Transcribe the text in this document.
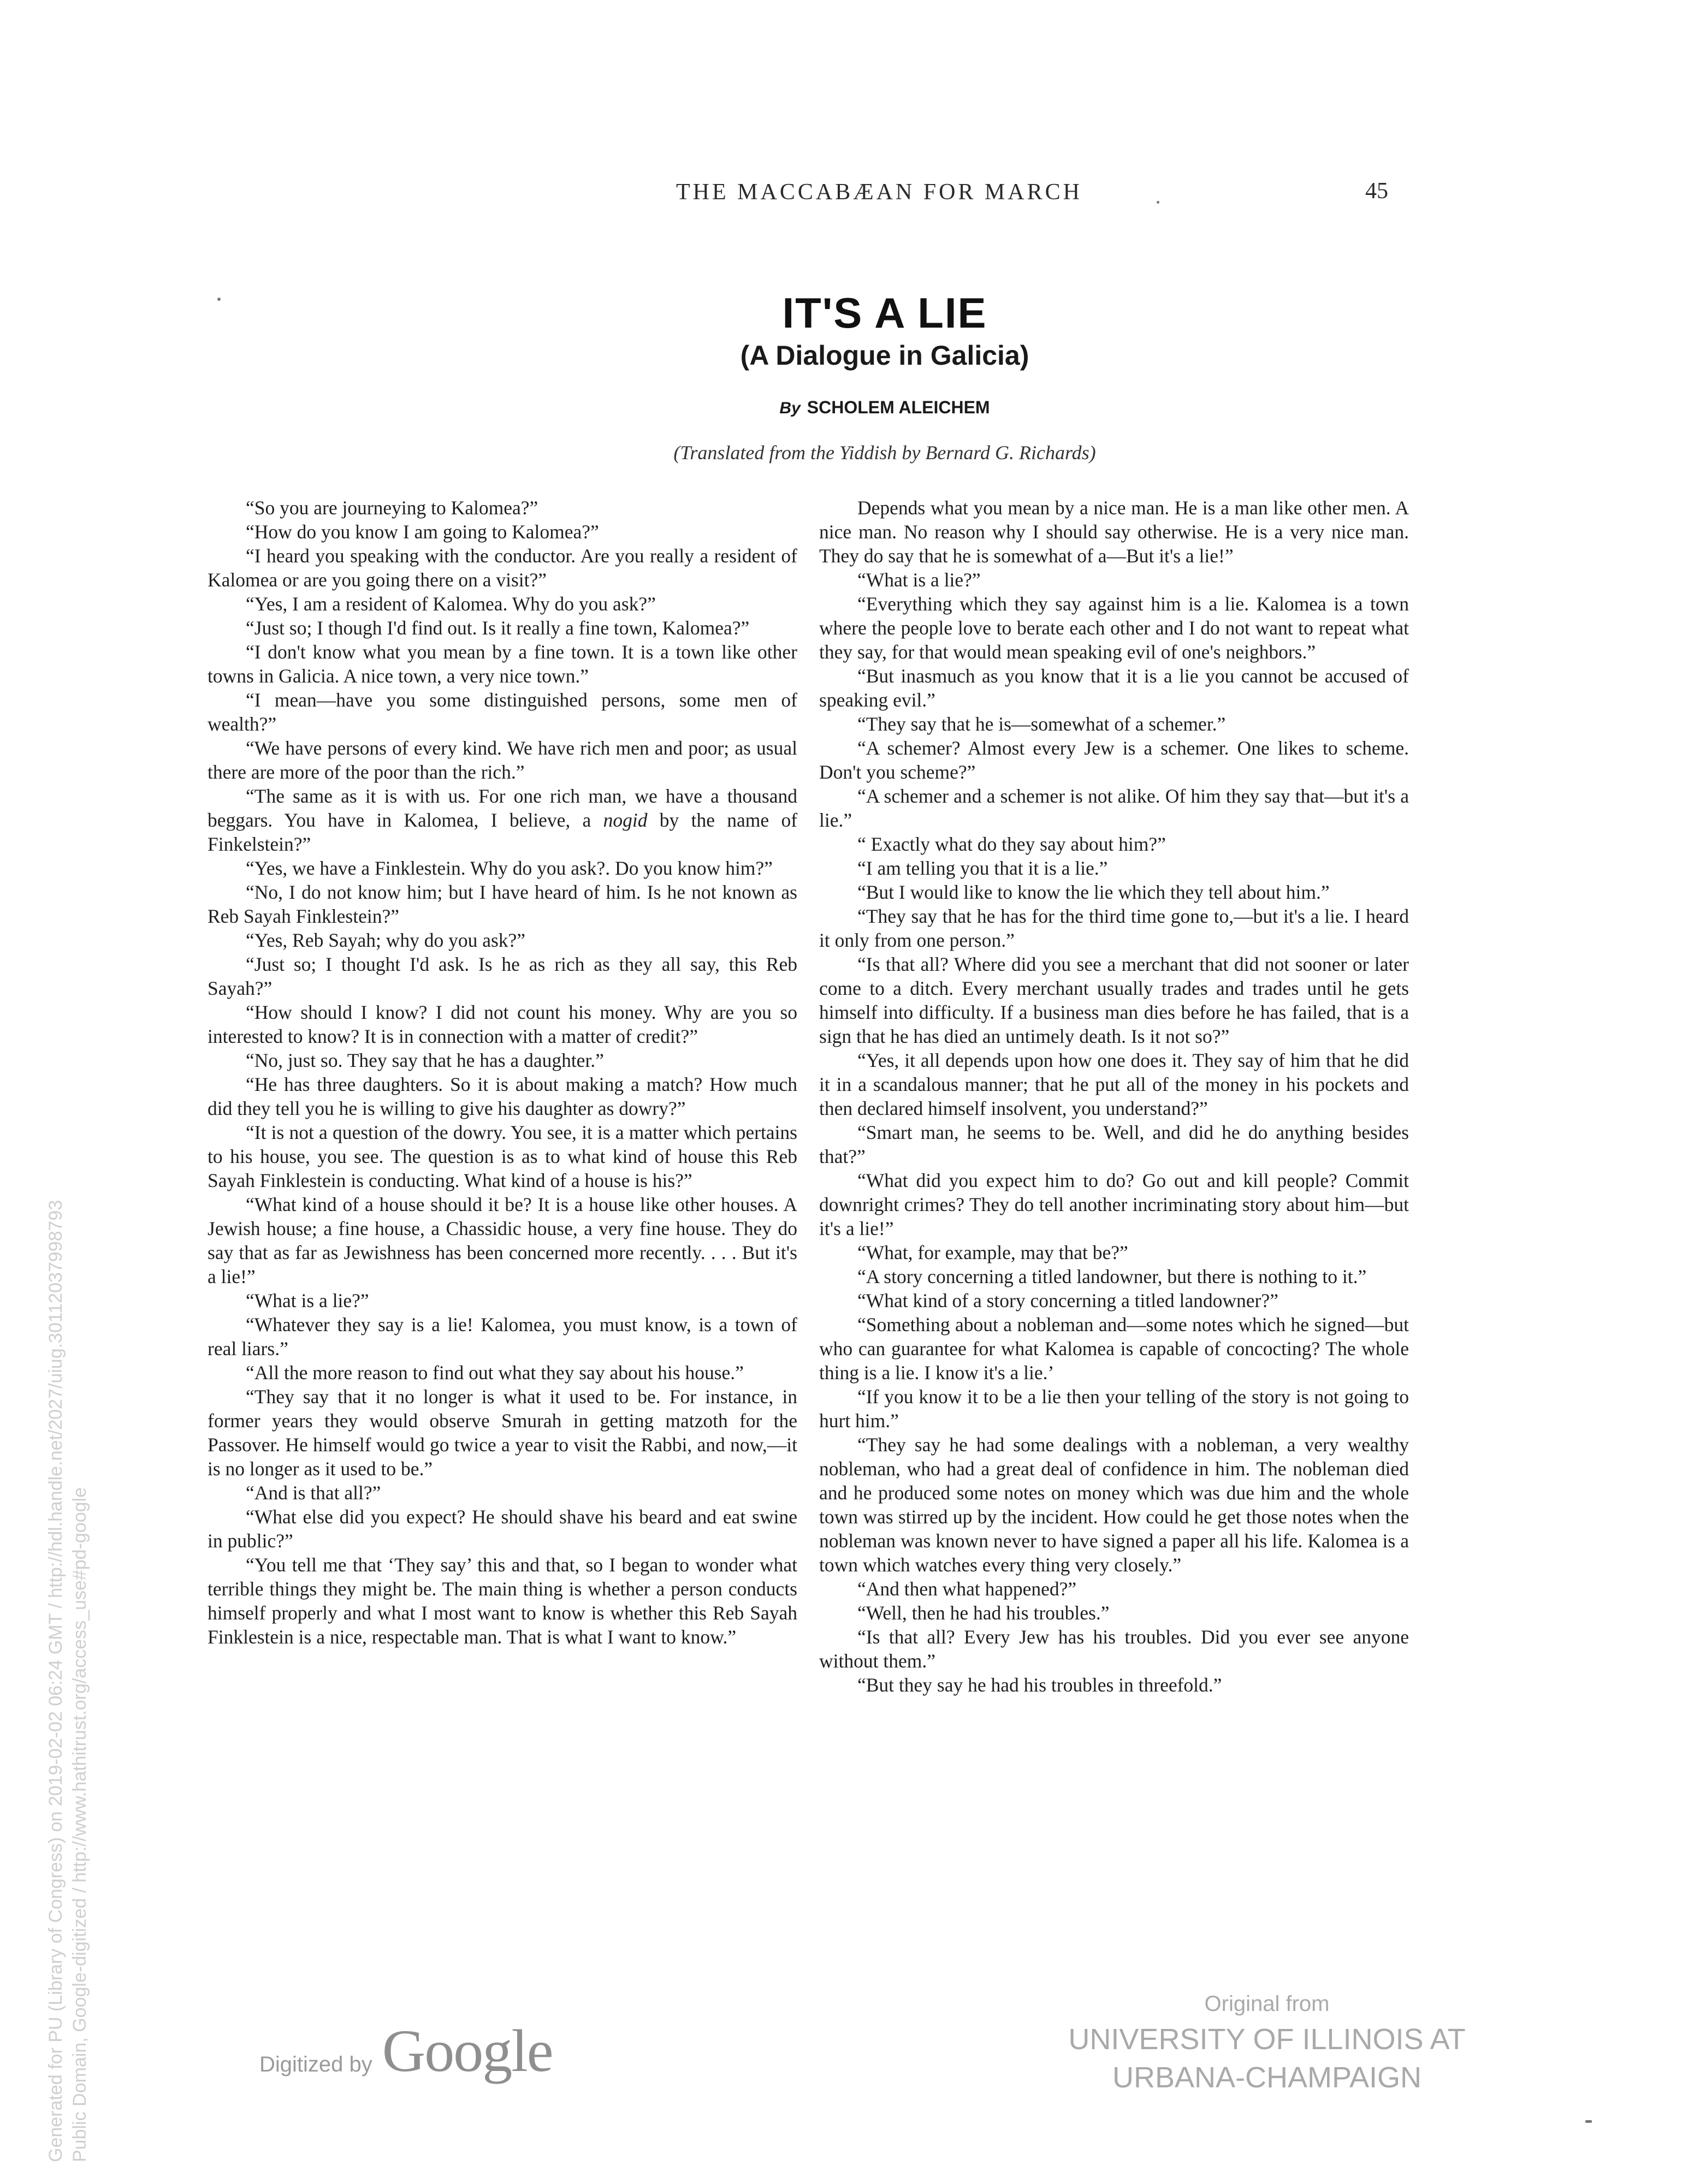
THE MACCABÆAN FOR MARCH	45
IT'S A LIE
(A Dialogue in Galicia)
By SCHOLEM ALEICHEM
(Translated from the Yiddish by Bernard G. Richards)

“So you are journeying to Kalomea?”

“How do you know I am going to Kalomea?”

“I heard you speaking with the conductor. Are you really a resident of Kalomea or are you going there on a visit?”

“Yes, I am a resident of Kalomea. Why do you ask?”

“Just so; I though I'd find out. Is it really a fine town, Kalomea?”

“I don't know what you mean by a fine town. It is a town like other towns in Galicia. A nice town, a very nice town.”

“I mean—have you some distinguished persons, some men of wealth?”

“We have persons of every kind. We have rich men and poor; as usual there are more of the poor than the rich.”

“The same as it is with us. For one rich man, we have a thousand beggars. You have in Kalomea, I believe, a nogid by the name of Finkelstein?”

“Yes, we have a Finklestein. Why do you ask?. Do you know him?”

“No, I do not know him; but I have heard of him. Is he not known as Reb Sayah Finklestein?”

“Yes, Reb Sayah; why do you ask?”

“Just so; I thought I'd ask. Is he as rich as they all say, this Reb Sayah?”

“How should I know? I did not count his money. Why are you so interested to know? It is in connection with a matter of credit?”

“No, just so. They say that he has a daughter.”

“He has three daughters. So it is about making a match? How much did they tell you he is willing to give his daughter as dowry?”

“It is not a question of the dowry. You see, it is a matter which pertains to his house, you see. The question is as to what kind of house this Reb Sayah Finklestein is conducting. What kind of a house is his?”

“What kind of a house should it be? It is a house like other houses. A Jewish house; a fine house, a Chassidic house, a very fine house. They do say that as far as Jewishness has been concerned more recently. . . . But it's a lie!”

“What is a lie?”

“Whatever they say is a lie! Kalomea, you must know, is a town of real liars.”

“All the more reason to find out what they say about his house.”

“They say that it no longer is what it used to be. For instance, in former years they would observe Smurah in getting matzoth for the Passover. He himself would go twice a year to visit the Rabbi, and now,—it is no longer as it used to be.”

“And is that all?”

“What else did you expect? He should shave his beard and eat swine in public?”

“You tell me that ‘They say’ this and that, so I began to wonder what terrible things they might be. The main thing is whether a person conducts himself properly and what I most want to know is whether this Reb Sayah Finklestein is a nice, respectable man. That is what I want to know.”

Depends what you mean by a nice man. He is a man like other men. A nice man. No reason why I should say otherwise. He is a very nice man. They do say that he is somewhat of a—But it's a lie!”

“What is a lie?”

“Everything which they say against him is a lie. Kalomea is a town where the people love to berate each other and I do not want to repeat what they say, for that would mean speaking evil of one's neighbors.”

“But inasmuch as you know that it is a lie you cannot be accused of speaking evil.”

“They say that he is—somewhat of a schemer.”

“A schemer? Almost every Jew is a schemer. One likes to scheme. Don't you scheme?”

“A schemer and a schemer is not alike. Of him they say that—but it's a lie.”

“ Exactly what do they say about him?”

“I am telling you that it is a lie.”

“But I would like to know the lie which they tell about him.”

“They say that he has for the third time gone to,—but it's a lie. I heard it only from one person.”

“Is that all? Where did you see a merchant that did not sooner or later come to a ditch. Every merchant usually trades and trades until he gets himself into difficulty. If a business man dies before he has failed, that is a sign that he has died an untimely death. Is it not so?”

“Yes, it all depends upon how one does it. They say of him that he did it in a scandalous manner; that he put all of the money in his pockets and then declared himself insolvent, you understand?”

“Smart man, he seems to be. Well, and did he do anything besides that?”

“What did you expect him to do? Go out and kill people? Commit downright crimes? They do tell another incriminating story about him—but it's a lie!”

“What, for example, may that be?”

“A story concerning a titled landowner, but there is nothing to it.”

“What kind of a story concerning a titled landowner?”

“Something about a nobleman and—some notes which he signed—but who can guarantee for what Kalomea is capable of concocting? The whole thing is a lie. I know it's a lie.’

“If you know it to be a lie then your telling of the story is not going to hurt him.”

“They say he had some dealings with a nobleman, a very wealthy nobleman, who had a great deal of confidence in him. The nobleman died and he produced some notes on money which was due him and the whole town was stirred up by the incident. How could he get those notes when the nobleman was known never to have signed a paper all his life. Kalomea is a town which watches every thing very closely.”

“And then what happened?”

“Well, then he had his troubles.”

“Is that all? Every Jew has his troubles. Did you ever see anyone without them.”

“But they say he had his troubles in threefold.”

Generated for PU (Library of Congress) on 2019-02-02 06:24 GMT / http://hdl.handle.net/2027/uiug.30112037998793 Public Domain, Google-digitized / http://www.hathitrust.org/access_use#pd-google	Digitized by Google
Original from
UNIVERSITY OF ILLINOIS AT
URBANA-CHAMPAIGN
